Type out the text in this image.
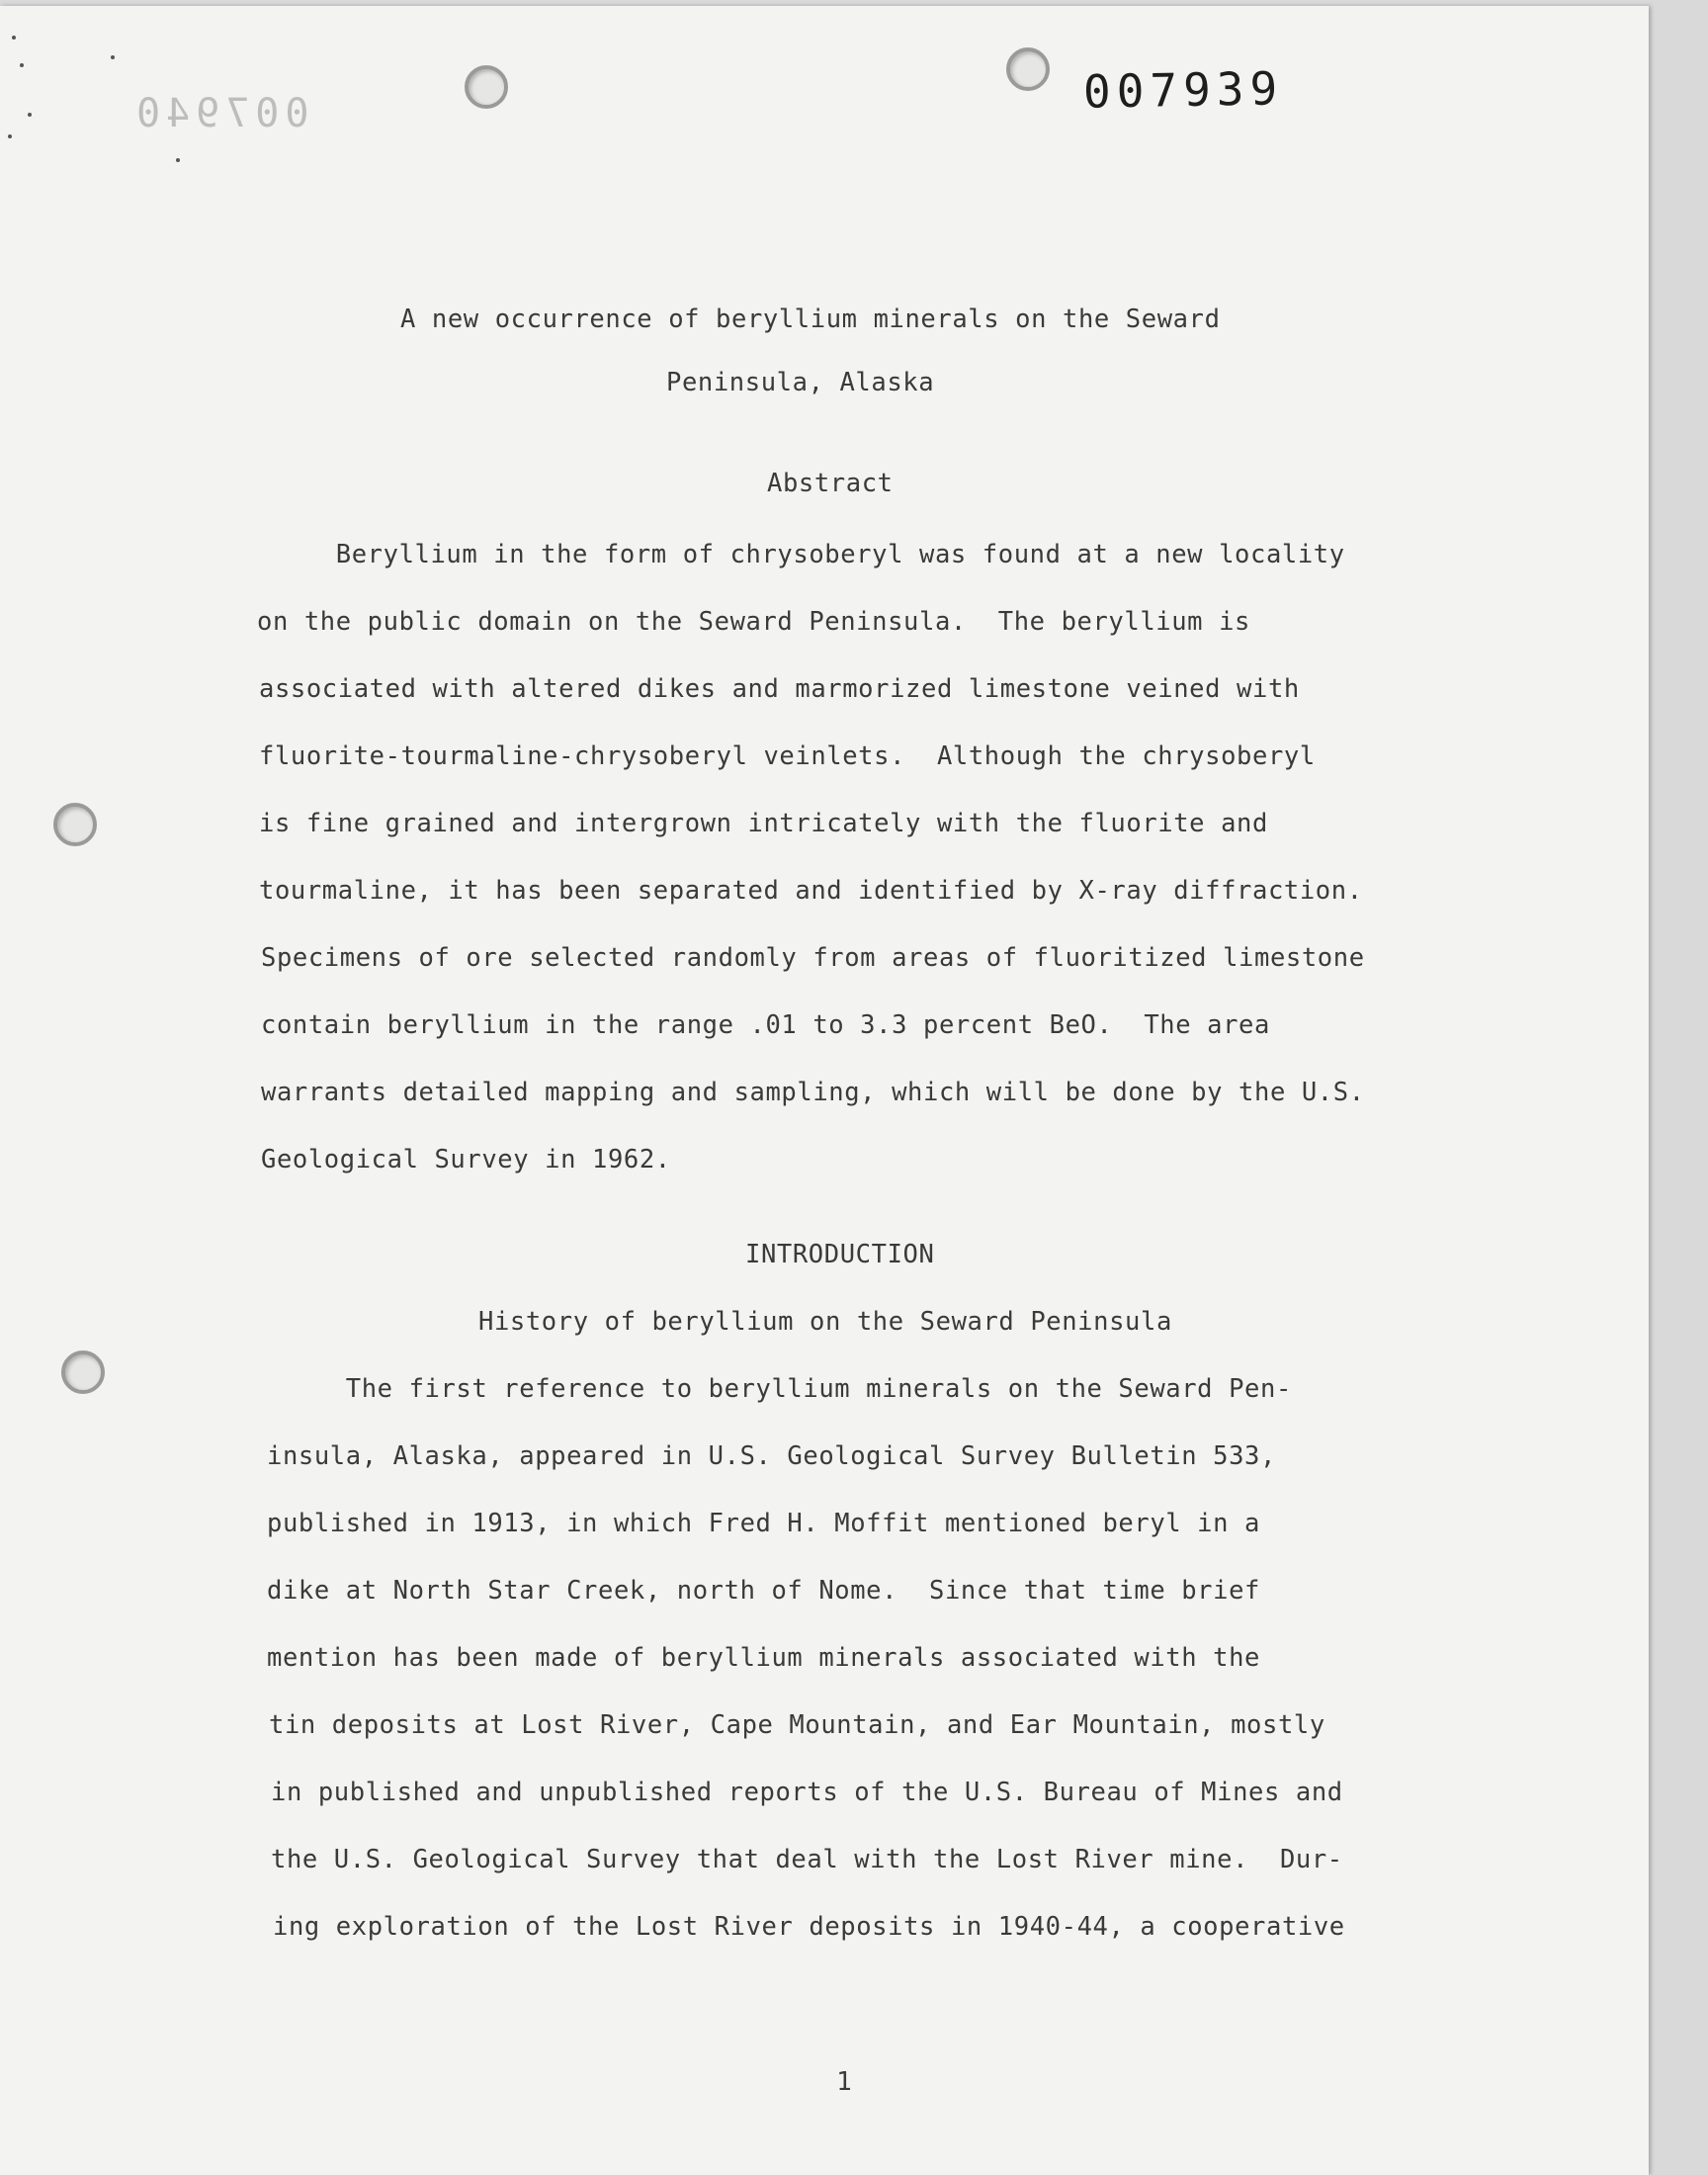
007939
007940
A new occurrence of beryllium minerals on the Seward
Peninsula, Alaska
Abstract
Beryllium in the form of chrysoberyl was found at a new locality
on the public domain on the Seward Peninsula.  The beryllium is
associated with altered dikes and marmorized limestone veined with
fluorite-tourmaline-chrysoberyl veinlets.  Although the chrysoberyl
is fine grained and intergrown intricately with the fluorite and
tourmaline, it has been separated and identified by X-ray diffraction.
Specimens of ore selected randomly from areas of fluoritized limestone
contain beryllium in the range .01 to 3.3 percent BeO.  The area
warrants detailed mapping and sampling, which will be done by the U.S.
Geological Survey in 1962.
INTRODUCTION
History of beryllium on the Seward Peninsula
The first reference to beryllium minerals on the Seward Pen-
insula, Alaska, appeared in U.S. Geological Survey Bulletin 533,
published in 1913, in which Fred H. Moffit mentioned beryl in a
dike at North Star Creek, north of Nome.  Since that time brief
mention has been made of beryllium minerals associated with the
tin deposits at Lost River, Cape Mountain, and Ear Mountain, mostly
in published and unpublished reports of the U.S. Bureau of Mines and
the U.S. Geological Survey that deal with the Lost River mine.  Dur-
ing exploration of the Lost River deposits in 1940-44, a cooperative
1
